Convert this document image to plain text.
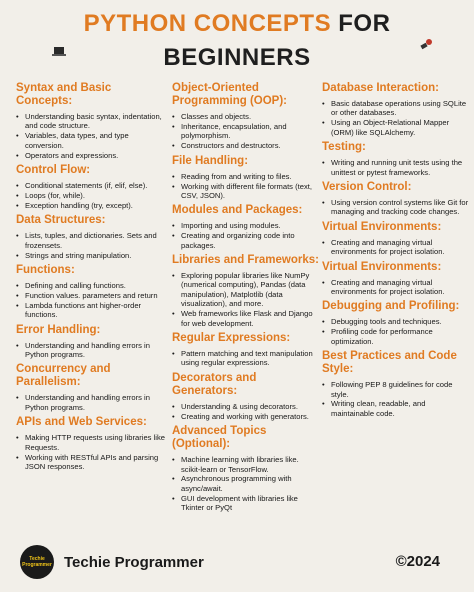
PYTHON CONCEPTS FOR
BEGINNERS
Syntax and Basic Concepts:
• Understanding basic syntax, indentation, and code structure.
• Variables, data types, and type conversion.
• Operators and expressions.
Control Flow:
• Conditional statements (if, elif, else).
• Loops (for, while).
• Exception handling (try, except).
Data Structures:
• Lists, tuples, and dictionaries. Sets and frozensets.
• Strings and string manipulation.
Functions:
• Defining and calling functions.
• Function values. parameters and return
• Lambda functions ant higher-order functions.
Error Handling:
• Understanding and handling errors in Python programs.
Concurrency and Parallelism:
• Understanding and handling errors in Python programs.
APIs and Web Services:
• Making HTTP requests using libraries like Requests.
• Working with RESTful APIs and parsing JSON responses.
Object-Oriented Programming (OOP):
• Classes and objects.
• Inheritance, encapsulation, and polymorphism.
• Constructors and destructors.
File Handling:
• Reading from and writing to files.
• Working with different file formats (text, CSV, JSON).
Modules and Packages:
• Importing and using modules.
• Creating and organizing code into packages.
Libraries and Frameworks:
• Exploring popular libraries like NumPy (numerical computing), Pandas (data manipulation), Matplotlib (data visualization), and more.
• Web frameworks like Flask and Django for web development.
Regular Expressions:
• Pattern matching and text manipulation using regular expressions.
Decorators and Generators:
• Understanding & using decorators.
• Creating and working with generators.
Advanced Topics (Optional):
• Machine learning with libraries like. scikit-learn or TensorFlow.
• Asynchronous programming with async/await.
• GUI development with libraries like Tkinter or PyQt
Database Interaction:
• Basic database operations using SQLite or other databases.
• Using an Object-Relational Mapper (ORM) like SQLAlchemy.
Testing:
• Writing and running unit tests using the unittest or pytest frameworks.
Version Control:
• Using version control systems like Git for managing and tracking code changes.
Virtual Environments:
• Creating and managing virtual environments for project isolation.
Virtual Environments:
• Creating and managing virtual environments for project isolation.
Debugging and Profiling:
• Debugging tools and techniques.
• Profiling code for performance optimization.
Best Practices and Code Style:
• Following PEP 8 guidelines for code style.
• Writing clean, readable, and maintainable code.
Techie Programmer Techie Programmer	©2024
